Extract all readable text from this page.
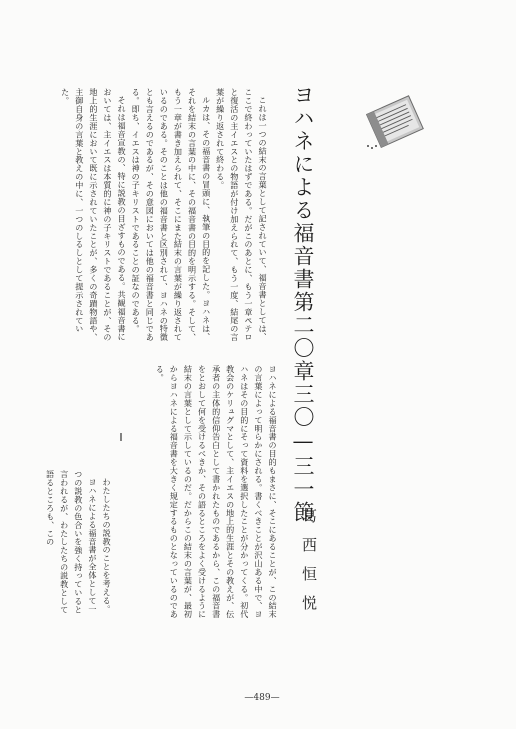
ヨハネによる福音書第二〇章三〇—三一節

これは一つの結末の言葉として記されていて、福音書としては、ここで終わっていたはずである。だがこのあとに、もう一章ペテロと復活の主イエスとの物語が付け加えられて、もう一度、結尾の言葉が繰り返されて終わる。

ルカは、その福音書の冒頭に、執筆の目的を記した。ヨハネは、それを結末の言葉の中に、その福音書の目的を明示する。そして、もう一章が書き加えられて、そこにまた結末の言葉が繰り返されているのである。そのことは他の福音書と区別されて、ヨハネの特徴とも言えるのであるが、その意図においては他の福音書と同じである。即ち、イエスは神の子キリストであることの証なのである。

それは福音宣教の、特に説教の目ざすものである。共観福音書においては、主イエスは本質的に神の子キリストであることが、その地上的生涯において既に示されていたことが、多くの奇蹟物語や、主御自身の言葉と教えの中に、一つのしるしとして提示されていた。

葛西恒悦

ヨハネによる福音書の目的もまさに、そこにあることが、この結末の言葉によって明らかにされる。書くべきことが沢山ある中で、ヨハネはその目的にそって資料を選択したことが分かってくる。初代教会のケリュグマとして、主イエスの地上的生涯とその教えが、伝承者の主体的信仰告白として書かれたものであるから、この福音書をとおして何を受けるべきか、その語るところをよく受けるように結末の言葉として示しているのだ。だからこの結末の言葉が、最初からヨハネによる福音書を大きく規定するものとなっているのである。

I

わたしたちの説教のことを考える。

ヨハネによる福音書が全体として一つの説教の色合いを強く持っていると言われるが、わたしたちの説教として語るところも、この

—489—
